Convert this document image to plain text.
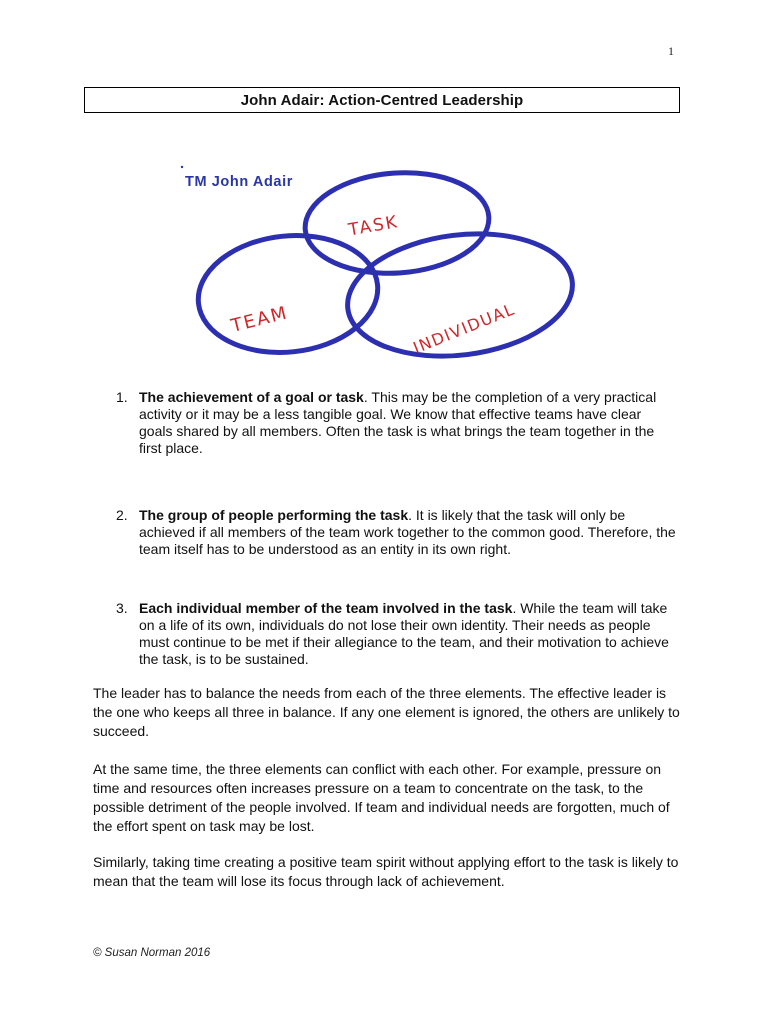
1
John Adair: Action-Centred Leadership
TM John Adair
TASK
TEAM	INDIVIDUAL
1. The achievement of a goal or task. This may be the completion of a very practical activity or it may be a less tangible goal. We know that effective teams have clear goals shared by all members. Often the task is what brings the team together in the first place.
2. The group of people performing the task. It is likely that the task will only be achieved if all members of the team work together to the common good. Therefore, the team itself has to be understood as an entity in its own right.
3. Each individual member of the team involved in the task. While the team will take on a life of its own, individuals do not lose their own identity. Their needs as people must continue to be met if their allegiance to the team, and their motivation to achieve the task, is to be sustained.

The leader has to balance the needs from each of the three elements. The effective leader is the one who keeps all three in balance. If any one element is ignored, the others are unlikely to succeed.

At the same time, the three elements can conflict with each other. For example, pressure on time and resources often increases pressure on a team to concentrate on the task, to the possible detriment of the people involved. If team and individual needs are forgotten, much of the effort spent on task may be lost.

Similarly, taking time creating a positive team spirit without applying effort to the task is likely to mean that the team will lose its focus through lack of achievement.

© Susan Norman 2016
